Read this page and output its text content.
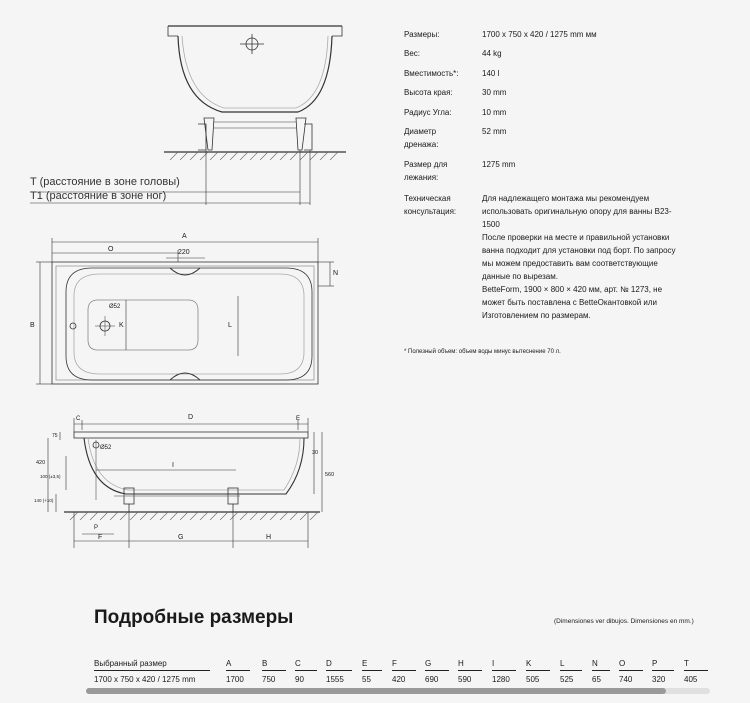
T (расстояние в зоне головы)
T1 (расстояние в зоне ног)
A
O	220
B
N
K	L
Ø52
C	D	E
Ø52
I
75
420
100 (±3,5)
140 (+10)
30
560
P
F	G	H
Размеры:	1700 x 750 x 420 / 1275 mm мм
Вес:	44 kg
Вместимость*:	140 l
Высота края:	30 mm
Радиус Угла:	10 mm
Диаметр дренажа:
52 mm
Размер для лежания:
1275 mm
Техническая консультация:
Для надлежащего монтажа мы рекомендуем
использовать оригинальную опору для ванны B23-
1500
После проверки на месте и правильной установки
ванна подходит для установки под борт. По запросу
мы можем предоставить вам соответствующие
данные по вырезам.
BetteForm, 1900 × 800 × 420 мм, арт. № 1273, не
может быть поставлена с BetteОкантовкой или
Изготовлением по размерам.
* Полезный объем: объем воды минус вытеснение 70 л.
Подробные размеры	(Dimensiones ver dibujos. Dimensiones en mm.)
Выбранный размер	A	B	C	D	E	F	G	H	I	K	L	N	O	P	T
1700 x 750 x 420 / 1275 mm	1700 750 90	1555 55	420 690 590	1280 505	525 65 740 320 405
